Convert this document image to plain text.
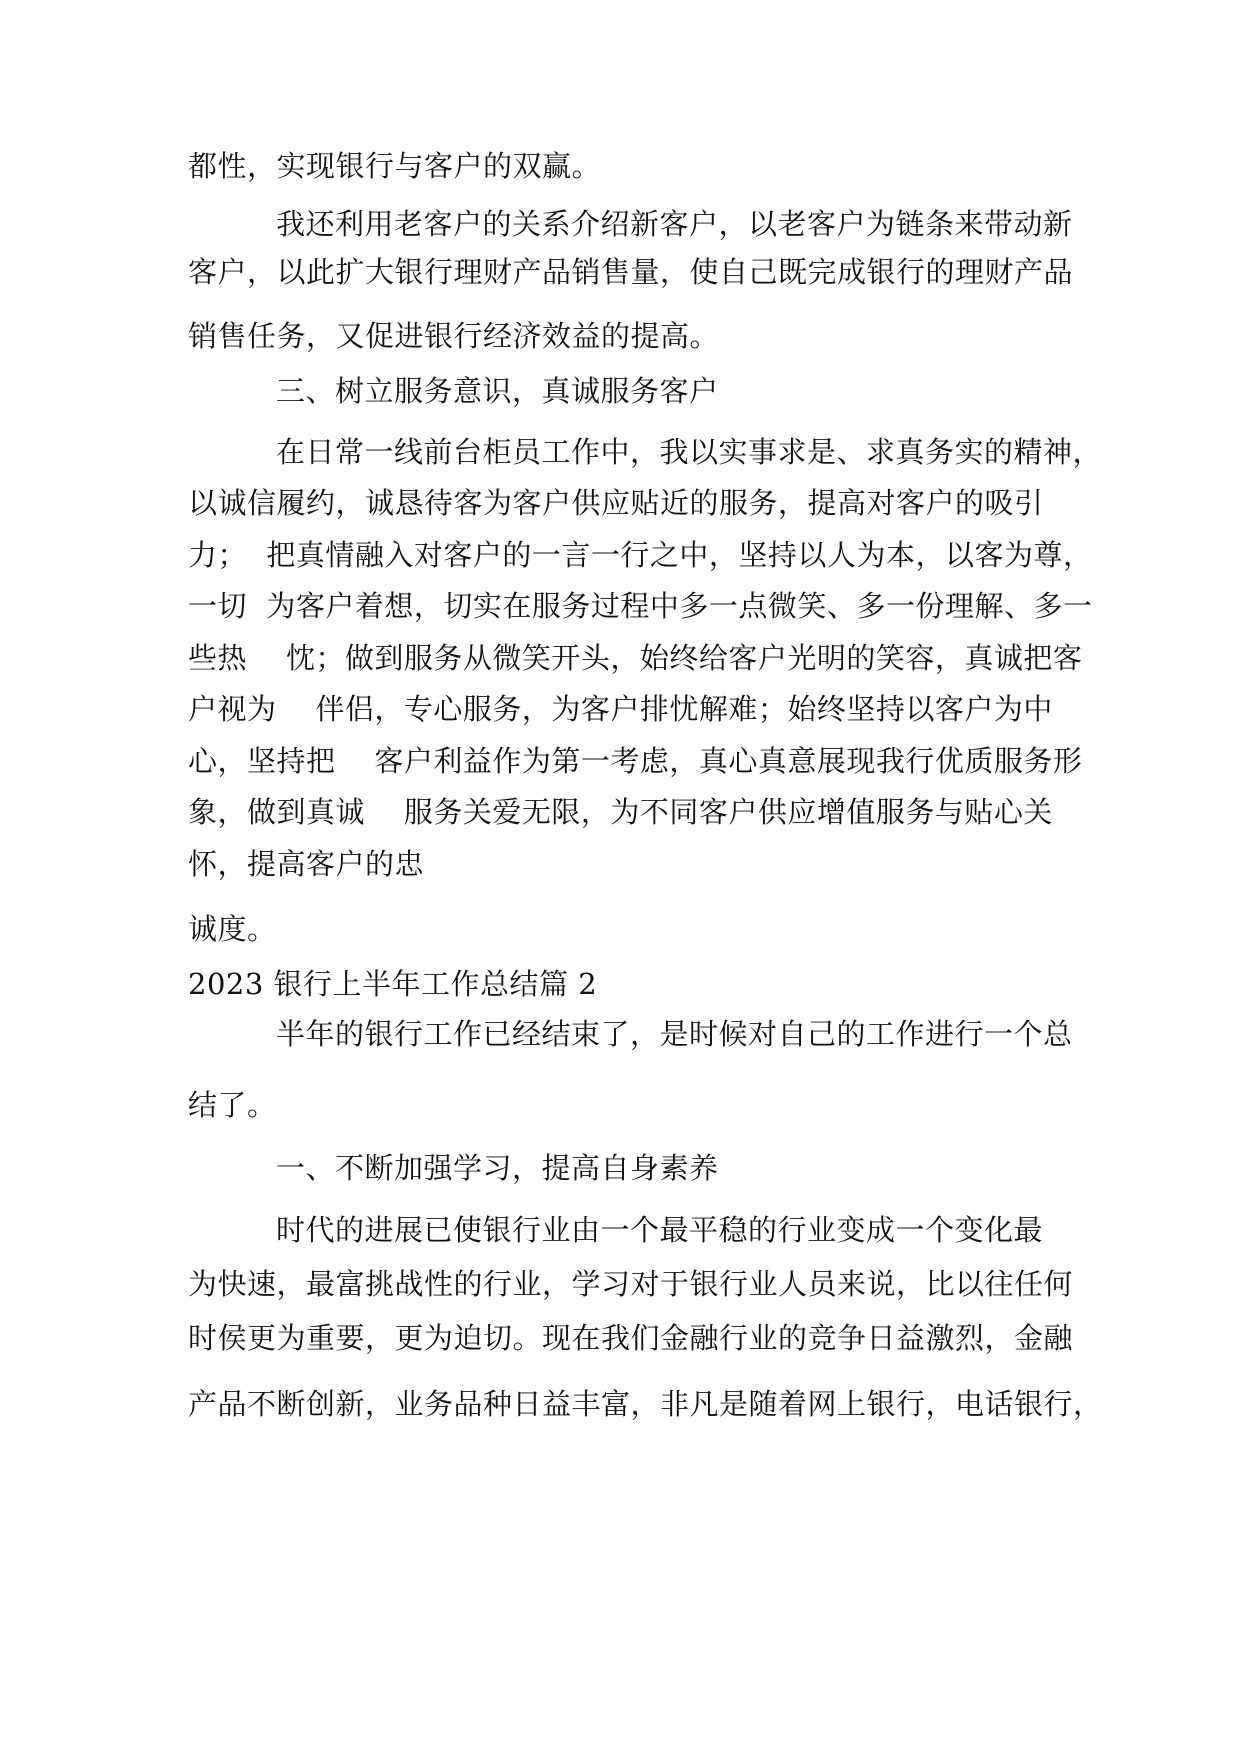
都性，实现银行与客户的双赢。
我还利用老客户的关系介绍新客户，以老客户为链条来带动新
客户，以此扩大银行理财产品销售量，使自己既完成银行的理财产品
销售任务，又促进银行经济效益的提高。
三、树立服务意识，真诚服务客户
在日常一线前台柜员工作中，我以实事求是、求真务实的精神，
以诚信履约，诚恳待客为客户供应贴近的服务，提高对客户的吸引
力；  把真情融入对客户的一言一行之中，坚持以人为本，以客为尊，
一切  为客户着想，切实在服务过程中多一点微笑、多一份理解、多一
些热    忱；做到服务从微笑开头，始终给客户光明的笑容，真诚把客
户视为    伴侣，专心服务，为客户排忧解难；始终坚持以客户为中
心，坚持把    客户利益作为第一考虑，真心真意展现我行优质服务形
象，做到真诚    服务关爱无限，为不同客户供应增值服务与贴心关
怀，提高客户的忠
诚度。
2023 银行上半年工作总结篇 2
半年的银行工作已经结束了，是时候对自己的工作进行一个总
结了。
一、不断加强学习，提高自身素养
时代的进展已使银行业由一个最平稳的行业变成一个变化最
为快速，最富挑战性的行业，学习对于银行业人员来说，比以往任何
时侯更为重要，更为迫切。现在我们金融行业的竞争日益激烈，金融
产品不断创新，业务品种日益丰富，非凡是随着网上银行，电话银行，
